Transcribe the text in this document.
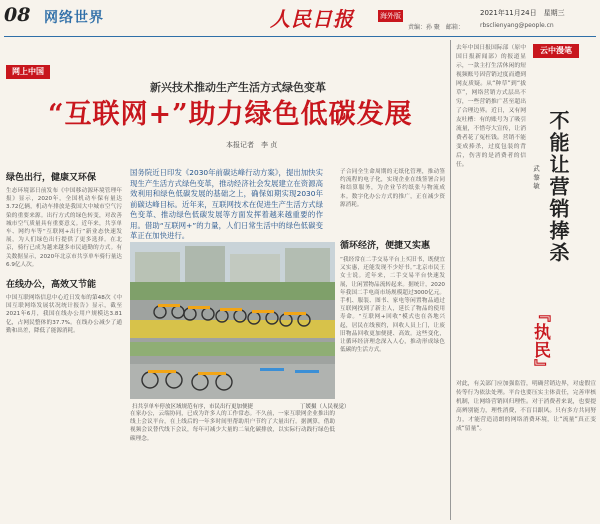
08 网络世界	人民日报	海外版	2021年11月24日　星期三
责编：孙 聚　邮箱：	rbsclienyang@people.cn
网上中国
新兴技术推动生产生活方式绿色变革
“互联网+”助力绿色低碳发展
本报记者　李 贞
国务院近日印发《2030年前碳达峰行动方案》，提出加快实现生产生活方式绿色变革，推动经济社会发展建立在资源高效利用和绿色低碳发展的基础之上，确保如期实现2030年前碳达峰目标。近年来，互联网技术在促进生产生活方式绿色变革、推动绿色低碳发展等方面发挥着越来越重要的作用。借助“互联网+”的力量，人们日常生活中的绿色低碳变革正在加快进行。
绿色出行，健康又环保
生态环境部日前发布《中国移动源环境管理年报》显示，2020年，全国机动车保有量达3.72亿辆，机动车排放是我国大中城市空气污染的重要来源。出行方式的绿色转变，对改善城市空气质量具有重要意义。近年来，共享单车、网约车等“互联网+出行”新业态快速发展，为人们绿色出行提供了更多选择。在北京，骑行已成为越来越多市民通勤的方式。有关数据显示，2020年北京市共享单车骑行量达6.9亿人次。
在线办公，高效又节能
中国互联网络信息中心近日发布的第48次《中国互联网络发展状况统计报告》显示，截至2021年6月，我国在线办公用户规模达3.81亿，占网民整体的37.7%。在线办公减少了通勤和出差，降低了能源消耗。
扫共享单车停放区域规范有序，市民出行更加便捷	丁媛摄（人民视觉）
在家办公，云端协同，已成为许多人的工作常态。不久前，一家互联网企业推出的线上会议平台，在上线后的一年多时间里帮助用户节约了大量出行。据测算，借助视频会议替代线下会议，每年可减少大量的二氧化碳排放，以实际行动践行绿色低碳理念。
子合同全生命周期的无纸化管理，推动签约流程的电子化，实现企业在线签署合同和结算服务，为企业节约纸张与物流成本。数字化办公方式的推广，正在减少资源消耗。
循环经济，便捷又实惠
“我经常在二手交易平台上买旧书，既便宜又实惠，还能发现不少好书。”北京市民王女士说。近年来，二手交易平台快速发展，让闲置物品流转起来。据统计，2020年我国二手电商市场规模超过3000亿元。手机、服装、图书、家电等闲置物品通过互联网找到了新主人，延长了物品的使用寿命。“互联网+回收”模式也在各地兴起，居民在线预约，回收人员上门，让废旧物品回收更加便捷、高效。这些变化，让循环经济理念深入人心，推动形成绿色低碳的生活方式。
云中漫笔
去年中国日报国际部（原中国日报新闻部）的报道显示，一款主打生活休闲的短视频账号因营销过度而遭到网友质疑。从“种草”到“拔草”，网络营销方式层出不穷，一些营销推广甚至超出了合理边界。近日，又有网友吐槽：有的账号为了吸引流量，不惜夸大宣传，让消费者花了冤枉钱。营销不能变成捧杀，过度包装的背后，伤害的是消费者的信任。	不能让营销捧杀
武 黎 敏
『执民』
对此，有关部门应加强监管，明确营销边界，对虚假宣传等行为依法处理。平台也要压实主体责任，完善审核机制，让网络营销回归理性。对于消费者来说，也要提高辨别能力，理性消费，不盲目跟风。只有多方共同努力，才能营造清朗的网络消费环境，让“流量”真正变成“留量”。
